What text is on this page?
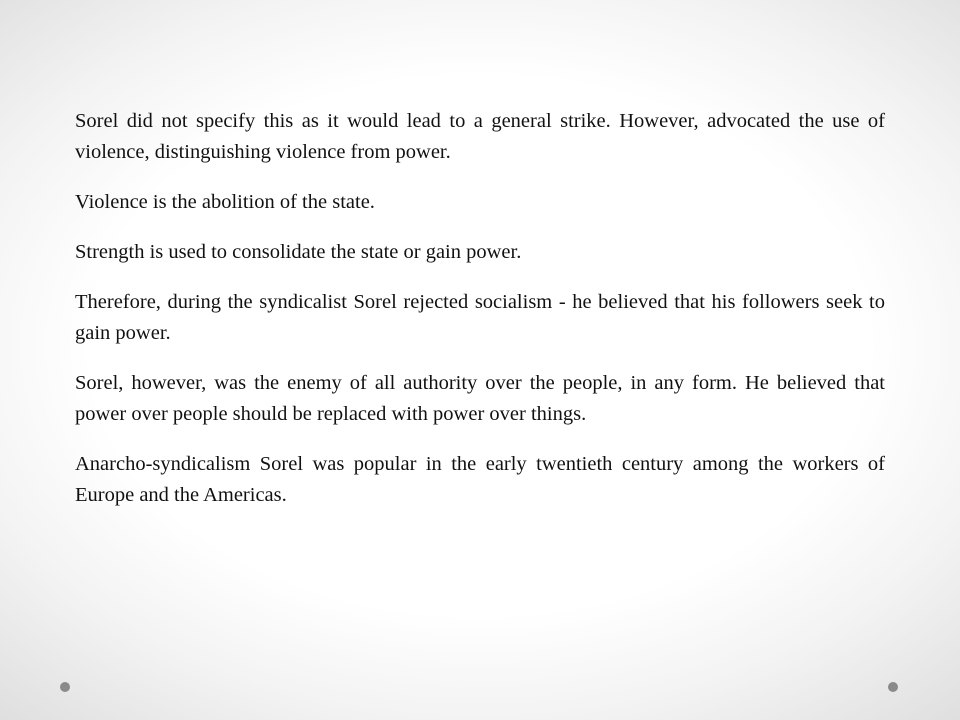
Sorel did not specify this as it would lead to a general strike. However, advocated the use of violence, distinguishing violence from power.

Violence is the abolition of the state.

Strength is used to consolidate the state or gain power.

Therefore, during the syndicalist Sorel rejected socialism - he believed that his followers seek to gain power.

Sorel, however, was the enemy of all authority over the people, in any form. He believed that power over people should be replaced with power over things.

Anarcho-syndicalism Sorel was popular in the early twentieth century among the workers of Europe and the Americas.
